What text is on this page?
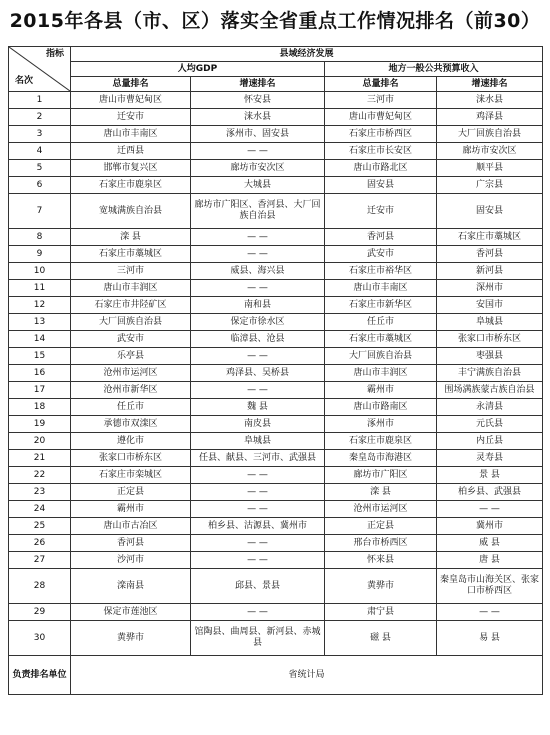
2015年各县（市、区）落实全省重点工作情况排名（前30）
指标
名次	县域经济发展			
	人均GDP		地方一般公共预算收入	
	总量排名	增速排名	总量排名	增速排名
1	唐山市曹妃甸区	怀安县	三河市	涞水县
2	迁安市	涞水县	唐山市曹妃甸区	鸡泽县
3	唐山市丰南区	涿州市、固安县	石家庄市桥西区	大厂回族自治县
4	迁西县	— —	石家庄市长安区	廊坊市安次区
5	邯郸市复兴区	廊坊市安次区	唐山市路北区	顺平县
6	石家庄市鹿泉区	大城县	固安县	广宗县
7	宽城满族自治县	廊坊市广阳区、香河县、大厂回族自治县	迁安市	固安县
8	滦 县	— —	香河县	石家庄市藁城区
9	石家庄市藁城区	— —	武安市	香河县
10	三河市	威县、海兴县	石家庄市裕华区	新河县
11	唐山市丰润区	— —	唐山市丰南区	深州市
12	石家庄市井陉矿区	南和县	石家庄市新华区	安国市
13	大厂回族自治县	保定市徐水区	任丘市	阜城县
14	武安市	临漳县、沧县	石家庄市藁城区	张家口市桥东区
15	乐亭县	— —	大厂回族自治县	枣强县
16	沧州市运河区	鸡泽县、吴桥县	唐山市丰润区	丰宁满族自治县
17	沧州市新华区	— —	霸州市	围场满族蒙古族自治县
18	任丘市	魏 县	唐山市路南区	永清县
19	承德市双滦区	南皮县	涿州市	元氏县
20	遵化市	阜城县	石家庄市鹿泉区	内丘县
21	张家口市桥东区	任县、献县、三河市、武强县	秦皇岛市海港区	灵寿县
22	石家庄市栾城区	— —	廊坊市广阳区	景 县
23	正定县	— —	滦 县	柏乡县、武强县
24	霸州市	— —	沧州市运河区	— —
25	唐山市古冶区	柏乡县、沽源县、冀州市	正定县	冀州市
26	香河县	— —	邢台市桥西区	威 县
27	沙河市	— —	怀来县	唐 县
28	滦南县	邱县、景县	黄骅市	秦皇岛市山海关区、张家口市桥西区
29	保定市莲池区	— —	肃宁县	— —
30	黄骅市	馆陶县、曲周县、新河县、赤城县	磁 县	易 县
负责排名单位	省统计局			
